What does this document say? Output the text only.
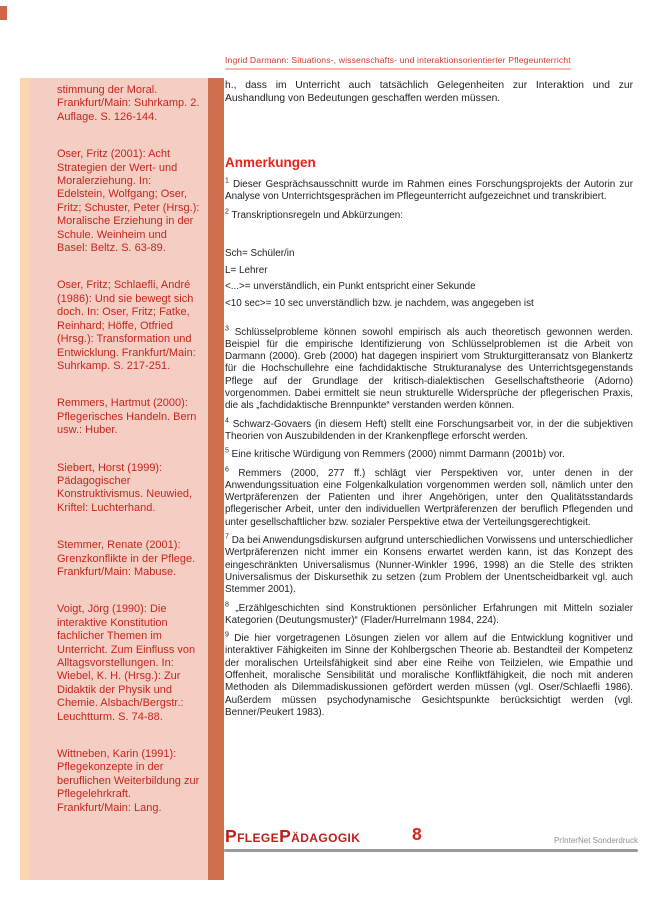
stimmung der Moral. Frankfurt/Main: Suhrkamp. 2. Auflage. S. 126-144.

Oser, Fritz (2001): Acht Strategien der Wert- und Moralerziehung. In: Edelstein, Wolfgang; Oser, Fritz; Schuster, Peter (Hrsg.): Moralische Erziehung in der Schule. Weinheim und Basel: Beltz. S. 63-89.

Oser, Fritz; Schlaefli, André (1986): Und sie bewegt sich doch. In: Oser, Fritz; Fatke, Reinhard; Höffe, Otfried (Hrsg.): Transformation und Entwicklung. Frankfurt/Main: Suhrkamp. S. 217-251.

Remmers, Hartmut (2000): Pflegerisches Handeln. Bern usw.: Huber.

Siebert, Horst (1999): Pädagogischer Konstruktivismus. Neuwied, Kriftel: Luchterhand.

Stemmer, Renate (2001): Grenzkonflikte in der Pflege. Frankfurt/Main: Mabuse.

Voigt, Jörg (1990): Die interaktive Konstitution fachlicher Themen im Unterricht. Zum Einfluss von Alltagsvorstellungen. In: Wiebel, K. H. (Hrsg.): Zur Didaktik der Physik und Chemie. Alsbach/Bergstr.: Leuchtturm. S. 74-88.

Wittneben, Karin (1991): Pflegekonzepte in der beruflichen Weiterbildung zur Pflegelehrkraft. Frankfurt/Main: Lang.

Ingrid Darmann: Situations-, wissenschafts- und interaktionsorientierter Pflegeunterricht

h., dass im Unterricht auch tatsächlich Gelegenheiten zur Interaktion und zur Aushandlung von Bedeutungen geschaffen werden müssen.

Anmerkungen

$^1$ Dieser Gesprächsausschnitt wurde im Rahmen eines Forschungsprojekts der Autorin zur Analyse von Unterrichtsgesprächen im Pflegeunterricht aufgezeichnet und transkribiert.

$^2$ Transkriptionsregeln und Abkürzungen:

Sch= Schüler/in

L= Lehrer

<...>= unverständlich, ein Punkt entspricht einer Sekunde

<10 sec>= 10 sec unverständlich bzw. je nachdem, was angegeben ist

$^3$ Schlüsselprobleme können sowohl empirisch als auch theoretisch gewonnen werden. Beispiel für die empirische Identifizierung von Schlüsselproblemen ist die Arbeit von Darmann (2000). Greb (2000) hat dagegen inspiriert vom Strukturgitteransatz von Blankertz für die Hochschullehre eine fachdidaktische Strukturanalyse des Unterrichtsgegenstands Pflege auf der Grundlage der kritisch-dialektischen Gesellschaftstheorie (Adorno) vorgenommen. Dabei ermittelt sie neun strukturelle Widersprüche der pflegerischen Praxis, die als „fachdidaktische Brennpunkte“ verstanden werden können.

$^4$ Schwarz-Govaers (in diesem Heft) stellt eine Forschungsarbeit vor, in der die subjektiven Theorien von Auszubildenden in der Krankenpflege erforscht werden.

$^5$ Eine kritische Würdigung von Remmers (2000) nimmt Darmann (2001b) vor.

$^6$ Remmers (2000, 277 ff.) schlägt vier Perspektiven vor, unter denen in der Anwendungssituation eine Folgenkalkulation vorgenommen werden soll, nämlich unter den Wertpräferenzen der Patienten und ihrer Angehörigen, unter den Qualitätsstandards pflegerischer Arbeit, unter den individuellen Wertpräferenzen der beruflich Pflegenden und unter gesellschaftlicher bzw. sozialer Perspektive etwa der Verteilungsgerechtigkeit.

$^7$ Da bei Anwendungsdiskursen aufgrund unterschiedlichen Vorwissens und unterschiedlicher Wertpräferenzen nicht immer ein Konsens erwartet werden kann, ist das Konzept des eingeschränkten Universalismus (Nunner-Winkler 1996, 1998) an die Stelle des strikten Universalismus der Diskursethik zu setzen (zum Problem der Unentscheidbarkeit vgl. auch Stemmer 2001).

$^8$ „Erzählgeschichten sind Konstruktionen persönlicher Erfahrungen mit Mitteln sozialer Kategorien (Deutungsmuster)“ (Flader/Hurrelmann 1984, 224).

$^9$ Die hier vorgetragenen Lösungen zielen vor allem auf die Entwicklung kognitiver und interaktiver Fähigkeiten im Sinne der Kohlbergschen Theorie ab. Bestandteil der Kompetenz der moralischen Urteilsfähigkeit sind aber eine Reihe von Teilzielen, wie Empathie und Offenheit, moralische Sensibilität und moralische Konfliktfähigkeit, die noch mit anderen Methoden als Dilemmadiskussionen gefördert werden müssen (vgl. Oser/Schlaefli 1986). Außerdem müssen psychodynamische Gesichtspunkte berücksichtigt werden (vgl. Benner/Peukert 1983).

PflegePädagogik	8	PrInterNet Sonderdruck
